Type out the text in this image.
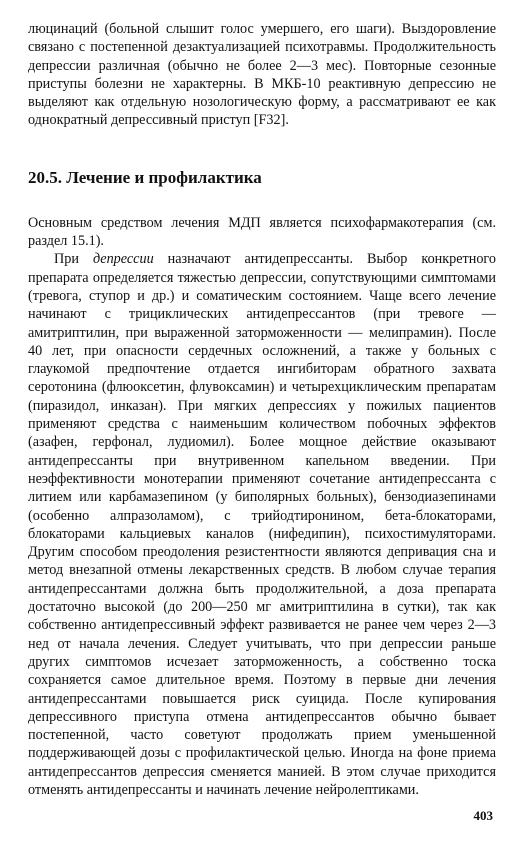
люцинаций (больной слышит голос умершего, его шаги). Выздоровление связано с постепенной дезактуализацией психотравмы. Продолжительность депрессии различная (обычно не более 2—3 мес). Повторные сезонные приступы болезни не характерны. В МКБ-10 реактивную депрессию не выделяют как отдельную нозологическую форму, а рассматривают ее как однократный депрессивный приступ [F32].

20.5. Лечение и профилактика

Основным средством лечения МДП является психофармакотерапия (см. раздел 15.1).

При депрессии назначают антидепрессанты. Выбор конкретного препарата определяется тяжестью депрессии, сопутствующими симптомами (тревога, ступор и др.) и соматическим состоянием. Чаще всего лечение начинают с трициклических антидепрессантов (при тревоге — амитриптилин, при выраженной заторможенности — мелипрамин). После 40 лет, при опасности сердечных осложнений, а также у больных с глаукомой предпочтение отдается ингибиторам обратного захвата серотонина (флюоксетин, флувоксамин) и четырехциклическим препаратам (пиразидол, инказан). При мягких депрессиях у пожилых пациентов применяют средства с наименьшим количеством побочных эффектов (азафен, герфонал, лудиомил). Более мощное действие оказывают антидепрессанты при внутривенном капельном введении. При неэффективности монотерапии применяют сочетание антидепрессанта с литием или карбамазепином (у биполярных больных), бензодиазепинами (особенно алпразоламом), с трийодтиронином, бета-блокаторами, блокаторами кальциевых каналов (нифедипин), психостимуляторами. Другим способом преодоления резистентности являются депривация сна и метод внезапной отмены лекарственных средств. В любом случае терапия антидепрессантами должна быть продолжительной, а доза препарата достаточно высокой (до 200—250 мг амитриптилина в сутки), так как собственно антидепрессивный эффект развивается не ранее чем через 2—3 нед от начала лечения. Следует учитывать, что при депрессии раньше других симптомов исчезает заторможенность, а собственно тоска сохраняется самое длительное время. Поэтому в первые дни лечения антидепрессантами повышается риск суицида. После купирования депрессивного приступа отмена антидепрессантов обычно бывает постепенной, часто советуют продолжать прием уменьшенной поддерживающей дозы с профилактической целью. Иногда на фоне приема антидепрессантов депрессия сменяется манией. В этом случае приходится отменять антидепрессанты и начинать лечение нейролептиками.

403
